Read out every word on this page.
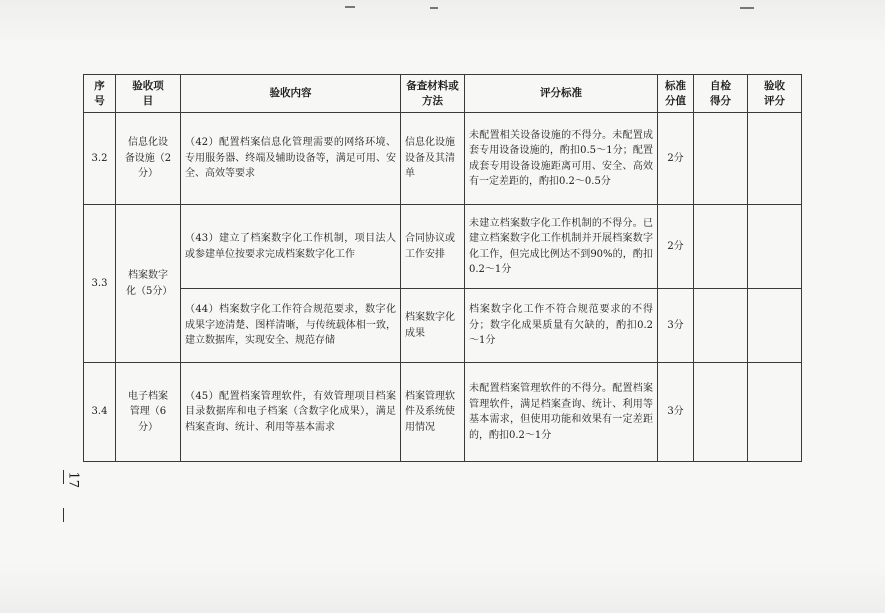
序号	验收项目	验收内容	备查材料或方法	评分标准	标准分值	自检得分	验收评分
3.2	信息化设备设施（2分）	（42）配置档案信息化管理需要的网络环境、专用服务器、终端及辅助设备等，满足可用、安全、高效等要求	信息化设施设备及其清单	未配置相关设备设施的不得分。未配置成套专用设备设施的，酌扣0.5～1分；配置成套专用设备设施距离可用、安全、高效有一定差距的，酌扣0.2～0.5分	2分		
3.3	档案数字化（5分）	（43）建立了档案数字化工作机制，项目法人或参建单位按要求完成档案数字化工作	合同协议或工作安排	未建立档案数字化工作机制的不得分。已建立档案数字化工作机制并开展档案数字化工作，但完成比例达不到90%的，酌扣0.2～1分	2分		
		（44）档案数字化工作符合规范要求，数字化成果字迹清楚、图样清晰，与传统载体相一致，建立数据库，实现安全、规范存储	档案数字化成果	档案数字化工作不符合规范要求的不得分；数字化成果质量有欠缺的，酌扣0.2～1分	3分		
3.4	电子档案管理（6分）	（45）配置档案管理软件，有效管理项目档案目录数据库和电子档案（含数字化成果），满足档案查询、统计、利用等基本需求	档案管理软件及系统使用情况	未配置档案管理软件的不得分。配置档案管理软件，满足档案查询、统计、利用等基本需求，但使用功能和效果有一定差距的，酌扣0.2～1分	3分		
17
